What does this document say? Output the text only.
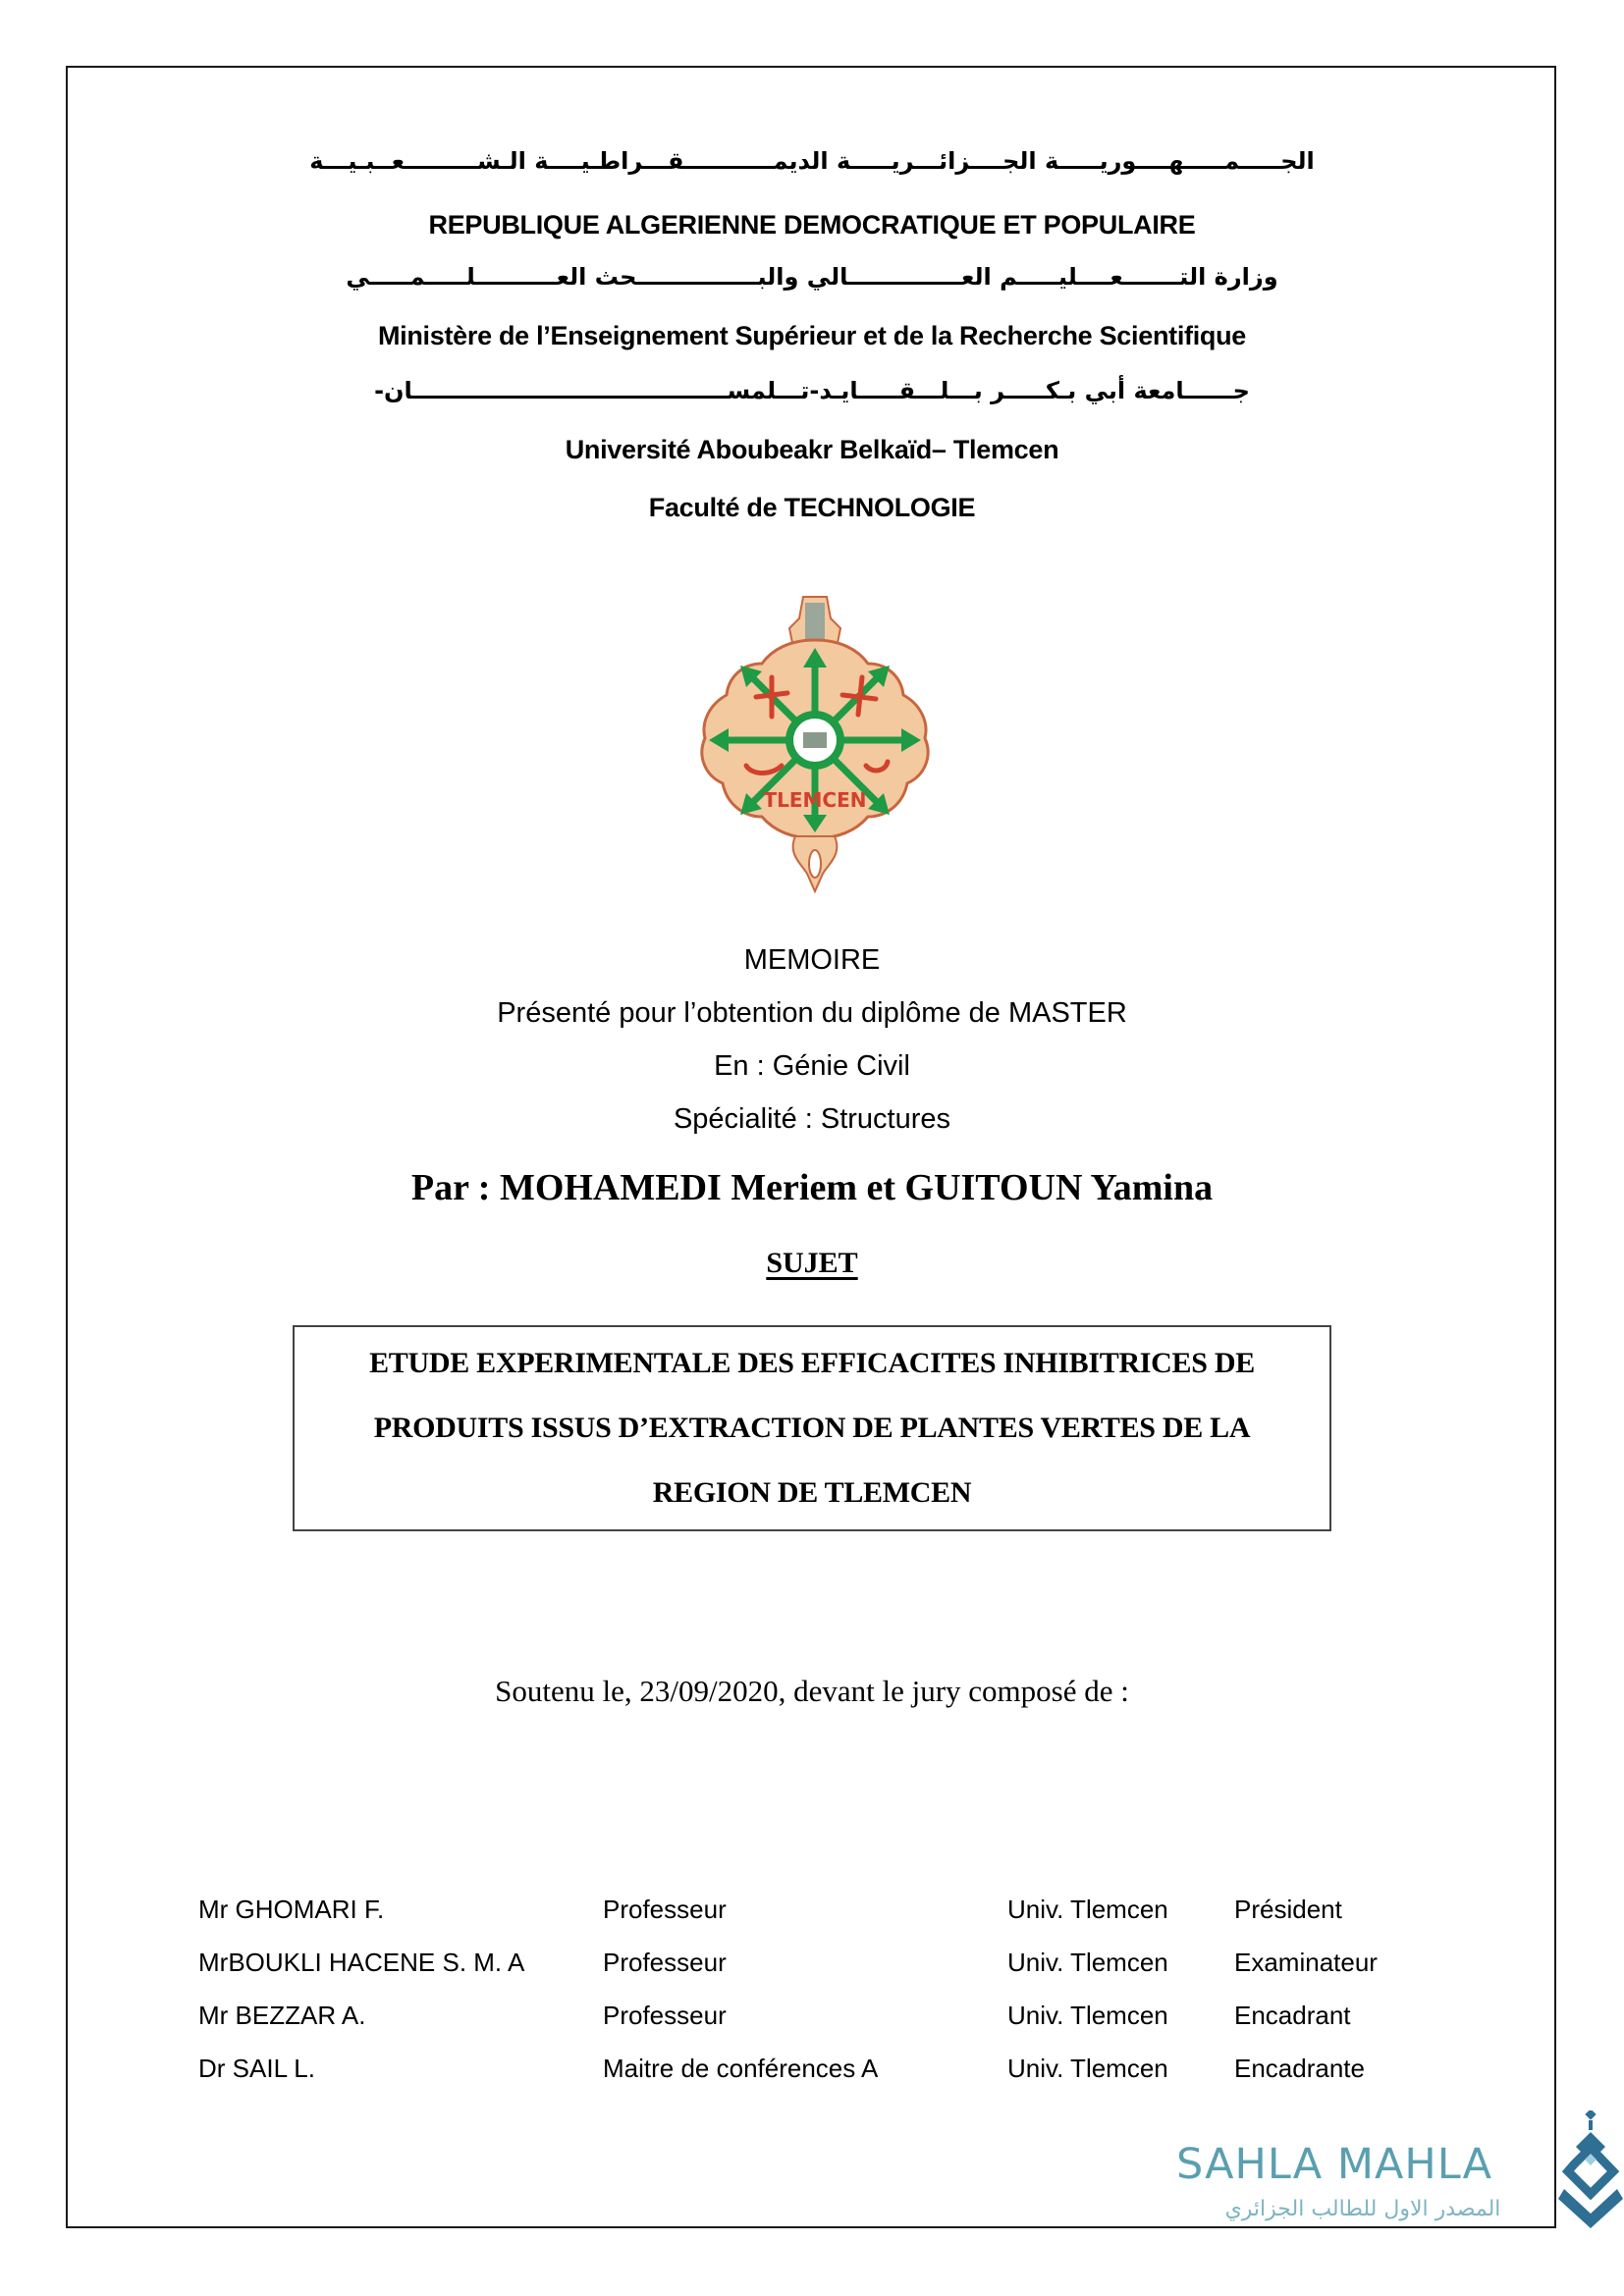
الجـــــمـــــهــــوريـــــة الجــــزائـــريـــــة الديمـــــــــــقـــراطـيــــة الـشـــــــــعــبـيـــة
REPUBLIQUE ALGERIENNE DEMOCRATIQUE ET POPULAIRE
وزارة التـــــــعــــليـــــم العــــــــــــــالي والبـــــــــــــــحث العــــــــــلـــــمـــــي
Ministère de l’Enseignement Supérieur et de la Recherche Scientifique
جــــــامعة أبي بـكـــــر بـــلـــقـــــايـد-تـــلمســـــــــــــــــــــــــــــــــــــــان-
Université Aboubeakr Belkaïd– Tlemcen
Faculté de TECHNOLOGIE
TLEMCEN
MEMOIRE
Présenté pour l’obtention du diplôme de MASTER
En : Génie Civil
Spécialité : Structures
Par : MOHAMEDI Meriem et GUITOUN Yamina
SUJET
ETUDE EXPERIMENTALE DES EFFICACITES INHIBITRICES DE
PRODUITS ISSUS D’EXTRACTION DE PLANTES VERTES DE LA
REGION DE TLEMCEN
Soutenu le, 23/09/2020, devant le jury composé de :
Mr GHOMARI F.	Professeur	Univ. Tlemcen	Président
MrBOUKLI HACENE S. M. A	Professeur	Univ. Tlemcen	Examinateur
Mr BEZZAR A.	Professeur	Univ. Tlemcen	Encadrant
Dr SAIL L.	Maitre de conférences A	Univ. Tlemcen	Encadrante
SAHLA MAHLA
المصدر الاول للطالب الجزائري
